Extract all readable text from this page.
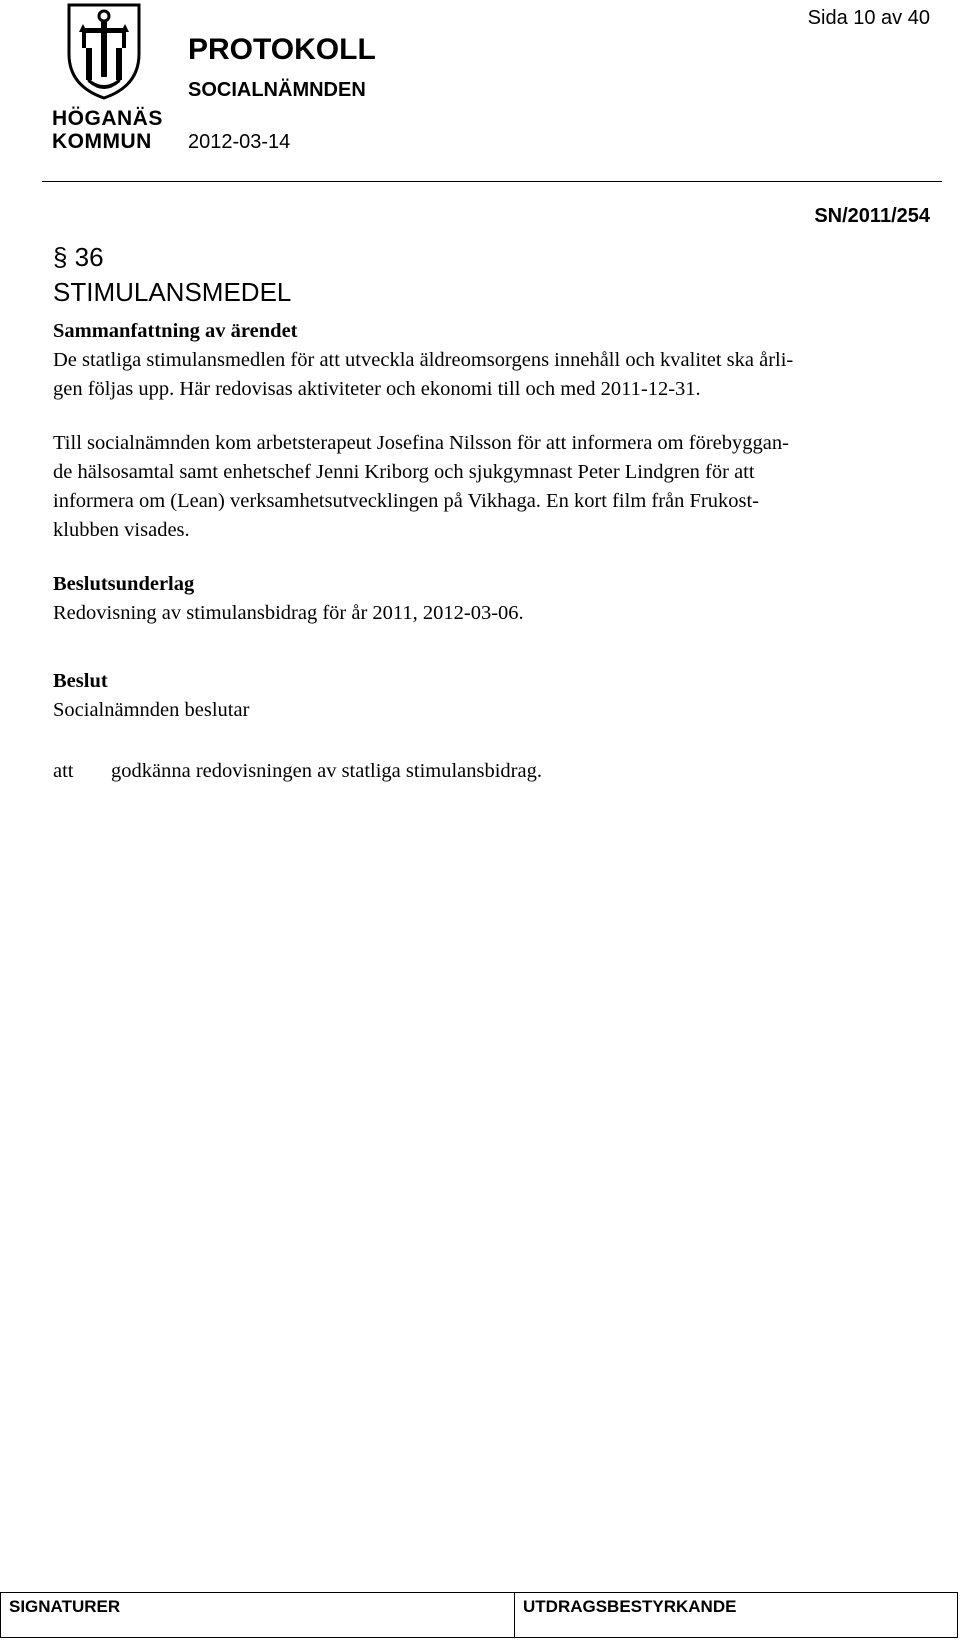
HÖGANÄS
KOMMUN
PROTOKOLL
SOCIALNÄMNDEN
2012-03-14
Sida 10 av 40
SN/2011/254
§ 36
STIMULANSMEDEL
Sammanfattning av ärendet
De statliga stimulansmedlen för att utveckla äldreomsorgens innehåll och kvalitet ska årli-
gen följas upp. Här redovisas aktiviteter och ekonomi till och med 2011-12-31.
Till socialnämnden kom arbetsterapeut Josefina Nilsson för att informera om förebyggan-
de hälsosamtal samt enhetschef Jenni Kriborg och sjukgymnast Peter Lindgren för att
informera om (Lean) verksamhetsutvecklingen på Vikhaga. En kort film från Frukost-
klubben visades.
Beslutsunderlag
Redovisning av stimulansbidrag för år 2011, 2012-03-06.
Beslut
Socialnämnden beslutar
att godkänna redovisningen av statliga stimulansbidrag.
SIGNATURER	UTDRAGSBESTYRKANDE
